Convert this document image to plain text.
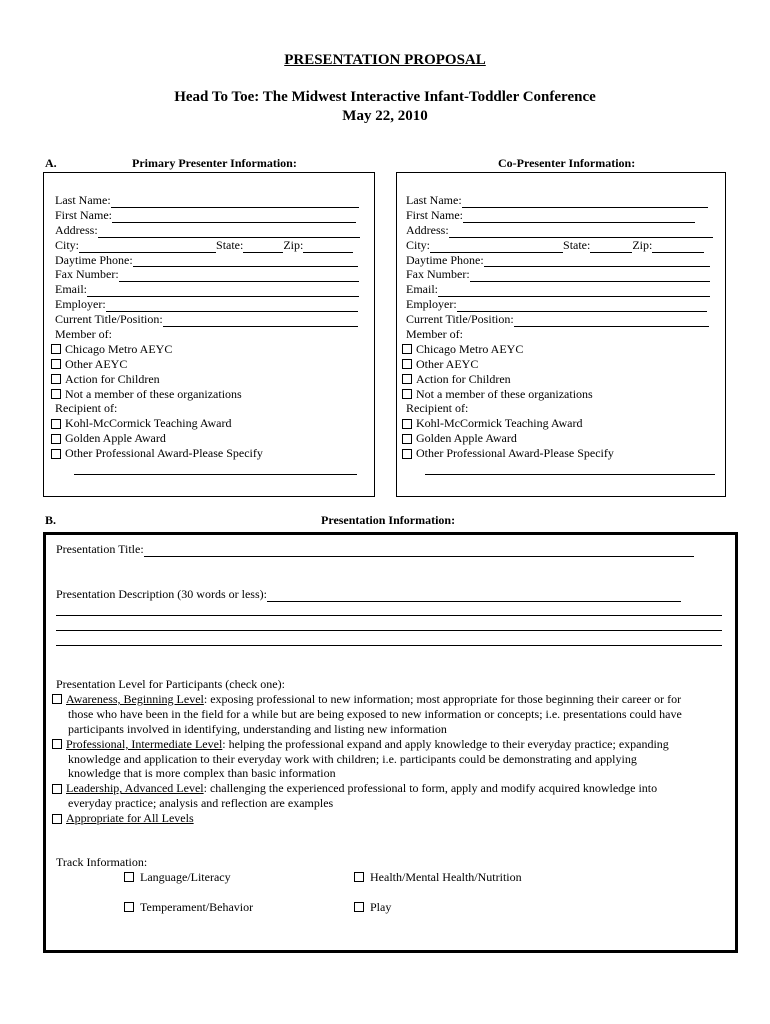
PRESENTATION PROPOSAL
Head To Toe: The Midwest Interactive Infant-Toddler Conference
May 22, 2010
A.	Primary Presenter Information:	Co-Presenter Information:
Last Name:
First Name:
Address:
City:	State:	Zip:
Daytime Phone:
Fax Number:
Email:
Employer:
Current Title/Position:
Member of:
Chicago Metro AEYC
Other AEYC
Action for Children
Not a member of these organizations
Recipient of:
Kohl-McCormick Teaching Award
Golden Apple Award
Other Professional Award-Please Specify
Last Name:
First Name:
Address:
City:	State:	Zip:
Daytime Phone:
Fax Number:
Email:
Employer:
Current Title/Position:
Member of:
Chicago Metro AEYC
Other AEYC
Action for Children
Not a member of these organizations
Recipient of:
Kohl-McCormick Teaching Award
Golden Apple Award
Other Professional Award-Please Specify
B.	Presentation Information:
Presentation Title:
Presentation Description (30 words or less):
Presentation Level for Participants (check one):
Awareness, Beginning Level : exposing professional to new information; most appropriate for those beginning their career or for
those who have been in the field for a while but are being exposed to new information or concepts; i.e. presentations could have
participants involved in identifying, understanding and listing new information
Professional, Intermediate Level : helping the professional expand and apply knowledge to their everyday practice; expanding
knowledge and application to their everyday work with children; i.e. participants could be demonstrating and applying
knowledge that is more complex than basic information
Leadership, Advanced Level : challenging the experienced professional to form, apply and modify acquired knowledge into
everyday practice; analysis and reflection are examples
Appropriate for All Levels
Track Information:
Language/Literacy	Health/Mental Health/Nutrition
Temperament/Behavior	Play
